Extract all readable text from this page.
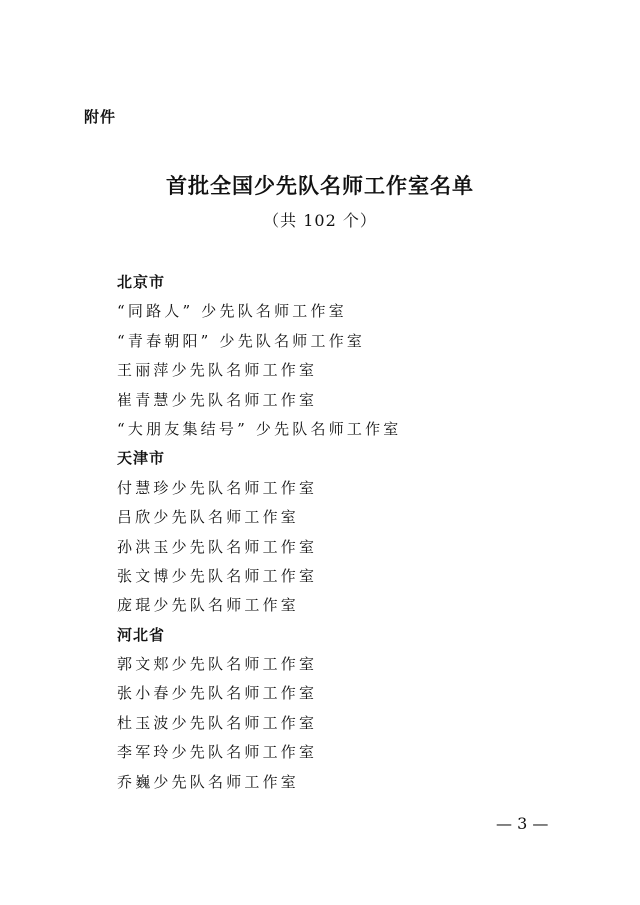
附件
首批全国少先队名师工作室名单
（共 102 个）
北京市
“同路人” 少先队名师工作室
“青春朝阳” 少先队名师工作室
王丽萍少先队名师工作室
崔青慧少先队名师工作室
“大朋友集结号” 少先队名师工作室
天津市
付慧珍少先队名师工作室
吕欣少先队名师工作室
孙洪玉少先队名师工作室
张文博少先队名师工作室
庞琨少先队名师工作室
河北省
郭文郏少先队名师工作室
张小春少先队名师工作室
杜玉波少先队名师工作室
李军玲少先队名师工作室
乔巍少先队名师工作室
— 3 —
